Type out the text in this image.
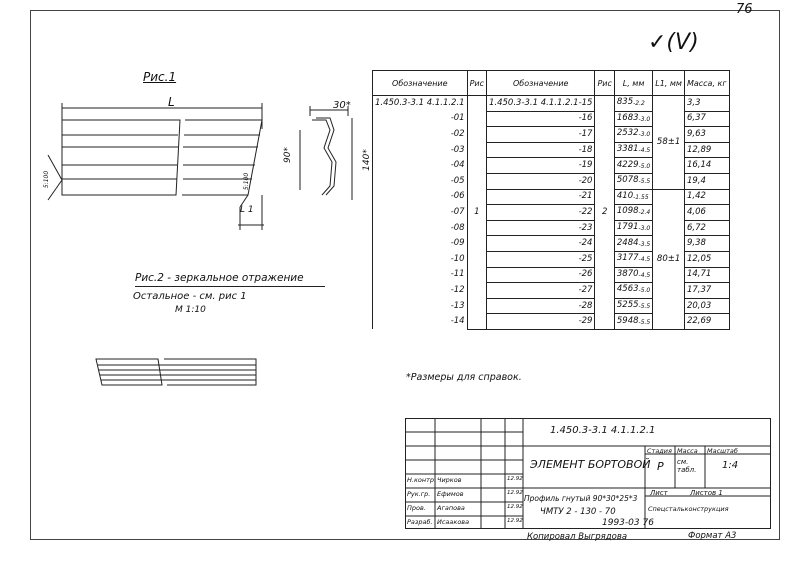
76
✓(V)
Рис.1
L
L 1
5:100	5:100
30*
90*	140*
Рис.2 - зеркальное отражение
Остальное - см. рис 1
М 1:10
*Размеры для справок.
Обозначение	Рис	Обозначение	Рис	L, мм	L1, мм	Масса, кг
1.450.3-3.1 4.1.1.2.1	1	1.450.3-3.1 4.1.1.2.1-15	2	835-2.2	58±1	3,3
-01		-16		1683-3.0		6,37
-02		-17		2532-3.0		9,63
-03		-18		3381-4.5		12,89
-04		-19		4229-5.0		16,14
-05		-20		5078-5.5		19,4
-06		-21		410-1.55	80±1	1,42
-07		-22		1098-2.4		4,06
-08		-23		1791-3.0		6,72
-09		-24		2484-3.5		9,38
-10		-25		3177-4.5		12,05
-11		-26		3870-4.5		14,71
-12		-27		4563-5.0		17,37
-13		-28		5255-5.5		20,03
-14		-29		5948-5.5		22,69
1.450.3-3.1 4.1.1.2.1
ЭЛЕМЕНТ БОРТОВОЙ
Стадия Масса Масштаб
Р см. табл.	1:4
Лист	Листов 1
Профиль гнутый 90*30*25*3
ЧМТУ 2 - 130 - 70	Спецстальконструкция
Н.контр. Чирков	12.92
Рук.гр. Ефимов	12.92
Пров. Агапова	12.92
Разраб. Исаакова	12.92	1993-03 76
Копировал Выгрядова	Формат А3
